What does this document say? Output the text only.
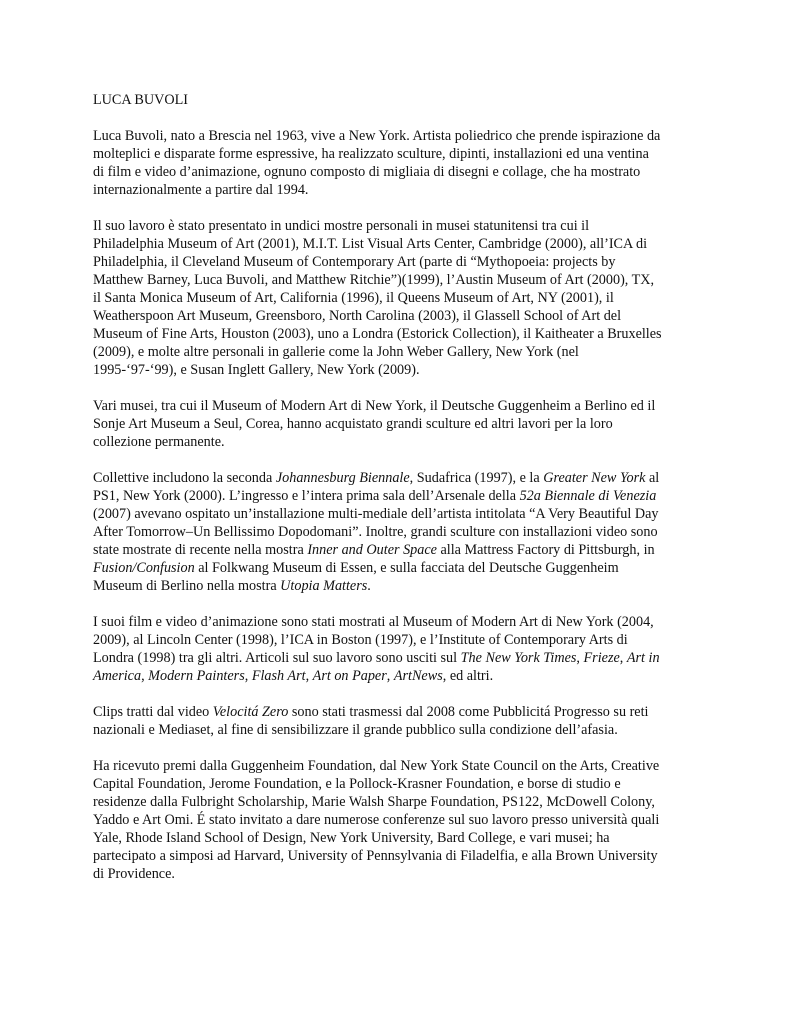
LUCA BUVOLI

Luca Buvoli, nato a Brescia nel 1963, vive a New York. Artista poliedrico che prende ispirazione da molteplici e disparate forme espressive, ha realizzato sculture, dipinti, installazioni ed una ventina di film e video d’animazione, ognuno composto di migliaia di disegni e collage, che ha mostrato internazionalmente a partire dal 1994.

Il suo lavoro è stato presentato in undici mostre personali in musei statunitensi tra cui il Philadelphia Museum of Art (2001), M.I.T. List Visual Arts Center, Cambridge (2000), all’ICA di Philadelphia, il Cleveland Museum of Contemporary Art (parte di “Mythopoeia: projects by Matthew Barney, Luca Buvoli, and Matthew Ritchie”)(1999), l’Austin Museum of Art (2000), TX, il Santa Monica Museum of Art, California (1996), il Queens Museum of Art, NY (2001), il Weatherspoon Art Museum, Greensboro, North Carolina (2003), il Glassell School of Art del Museum of Fine Arts, Houston (2003), uno a Londra (Estorick Collection), il Kaitheater a Bruxelles (2009), e molte altre personali in gallerie come la John Weber Gallery, New York (nel 1995-‘97-‘99), e Susan Inglett Gallery, New York (2009).

Vari musei, tra cui il Museum of Modern Art di New York, il Deutsche Guggenheim a Berlino ed il Sonje Art Museum a Seul, Corea, hanno acquistato grandi sculture ed altri lavori per la loro collezione permanente.

Collettive includono la seconda Johannesburg Biennale, Sudafrica (1997), e la Greater New York al PS1, New York (2000). L’ingresso e l’intera prima sala dell’Arsenale della 52a Biennale di Venezia (2007) avevano ospitato un’installazione multi-mediale dell’artista intitolata “A Very Beautiful Day After Tomorrow–Un Bellissimo Dopodomani”. Inoltre, grandi sculture con installazioni video sono state mostrate di recente nella mostra Inner and Outer Space alla Mattress Factory di Pittsburgh, in Fusion/Confusion al Folkwang Museum di Essen, e sulla facciata del Deutsche Guggenheim Museum di Berlino nella mostra Utopia Matters.

I suoi film e video d’animazione sono stati mostrati al Museum of Modern Art di New York (2004, 2009), al Lincoln Center (1998), l’ICA in Boston (1997), e l’Institute of Contemporary Arts di Londra (1998) tra gli altri. Articoli sul suo lavoro sono usciti sul The New York Times, Frieze, Art in America, Modern Painters, Flash Art, Art on Paper, ArtNews, ed altri.

Clips tratti dal video Velocitá Zero sono stati trasmessi dal 2008 come Pubblicitá Progresso su reti nazionali e Mediaset, al fine di sensibilizzare il grande pubblico sulla condizione dell’afasia.

Ha ricevuto premi dalla Guggenheim Foundation, dal New York State Council on the Arts, Creative Capital Foundation, Jerome Foundation, e la Pollock-Krasner Foundation, e borse di studio e residenze dalla Fulbright Scholarship, Marie Walsh Sharpe Foundation, PS122, McDowell Colony, Yaddo e Art Omi. É stato invitato a dare numerose conferenze sul suo lavoro presso università quali Yale, Rhode Island School of Design, New York University, Bard College, e vari musei; ha partecipato a simposi ad Harvard, University of Pennsylvania di Filadelfia, e alla Brown University di Providence.
